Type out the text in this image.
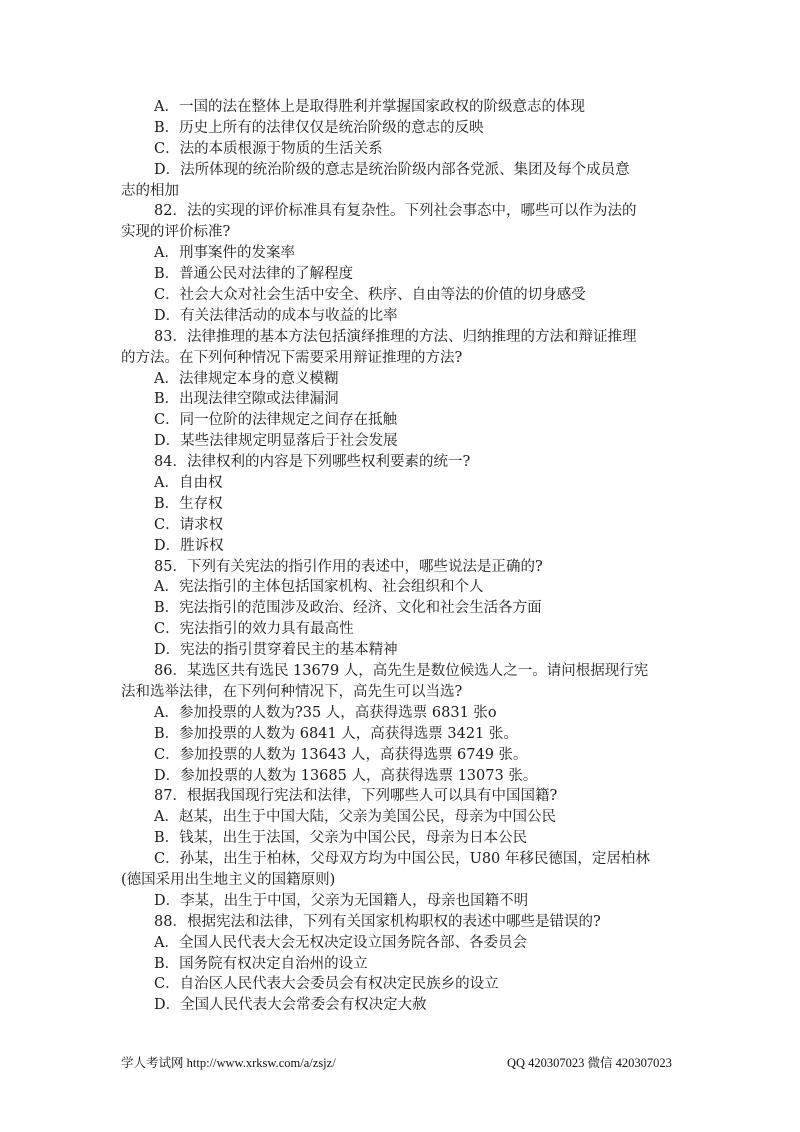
A．一国的法在整体上是取得胜利并掌握国家政权的阶级意志的体现
B．历史上所有的法律仅仅是统治阶级的意志的反映
C．法的本质根源于物质的生活关系
D．法所体现的统治阶级的意志是统治阶级内部各党派、集团及每个成员意
志的相加
82．法的实现的评价标准具有复杂性。下列社会事态中，哪些可以作为法的
实现的评价标准?
A．刑事案件的发案率
B．普通公民对法律的了解程度
C．社会大众对社会生活中安全、秩序、自由等法的价值的切身感受
D．有关法律活动的成本与收益的比率
83．法律推理的基本方法包括演绎推理的方法、归纳推理的方法和辩证推理
的方法。在下列何种情况下需要采用辩证推理的方法?
A．法律规定本身的意义模糊
B．出现法律空隙或法律漏洞
C．同一位阶的法律规定之间存在抵触
D．某些法律规定明显落后于社会发展
84．法律权利的内容是下列哪些权利要素的统一?
A．自由权
B．生存权
C．请求权
D．胜诉权
85．下列有关宪法的指引作用的表述中，哪些说法是正确的?
A．宪法指引的主体包括国家机构、社会组织和个人
B．宪法指引的范围涉及政治、经济、文化和社会生活各方面
C．宪法指引的效力具有最高性
D．宪法的指引贯穿着民主的基本精神
86．某选区共有选民 13679 人，高先生是数位候选人之一。请问根据现行宪
法和选举法律，在下列何种情况下，高先生可以当选?
A．参加投票的人数为?35 人，高获得选票 6831 张o
B．参加投票的人数为 6841 人，高获得选票 3421 张。
C．参加投票的人数为 13643 人，高获得选票 6749 张。
D．参加投票的人数为 13685 人，高获得选票 13073 张。
87．根据我国现行宪法和法律，下列哪些人可以具有中国国籍?
A．赵某，出生于中国大陆，父亲为美国公民，母亲为中国公民
B．钱某，出生于法国，父亲为中国公民，母亲为日本公民
C．孙某，出生于柏林，父母双方均为中国公民，U80 年移民德国，定居柏林
(德国采用出生地主义的国籍原则)
D．李某，出生于中国，父亲为无国籍人，母亲也国籍不明
88．根据宪法和法律，下列有关国家机构职权的表述中哪些是错误的?
A．全国人民代表大会无权决定设立国务院各部、各委员会
B．国务院有权决定自治州的设立
C．自治区人民代表大会委员会有权决定民族乡的设立
D．全国人民代表大会常委会有权决定大赦
学人考试网 http://www.xrksw.com/a/zsjz/	QQ 420307023 微信 420307023
